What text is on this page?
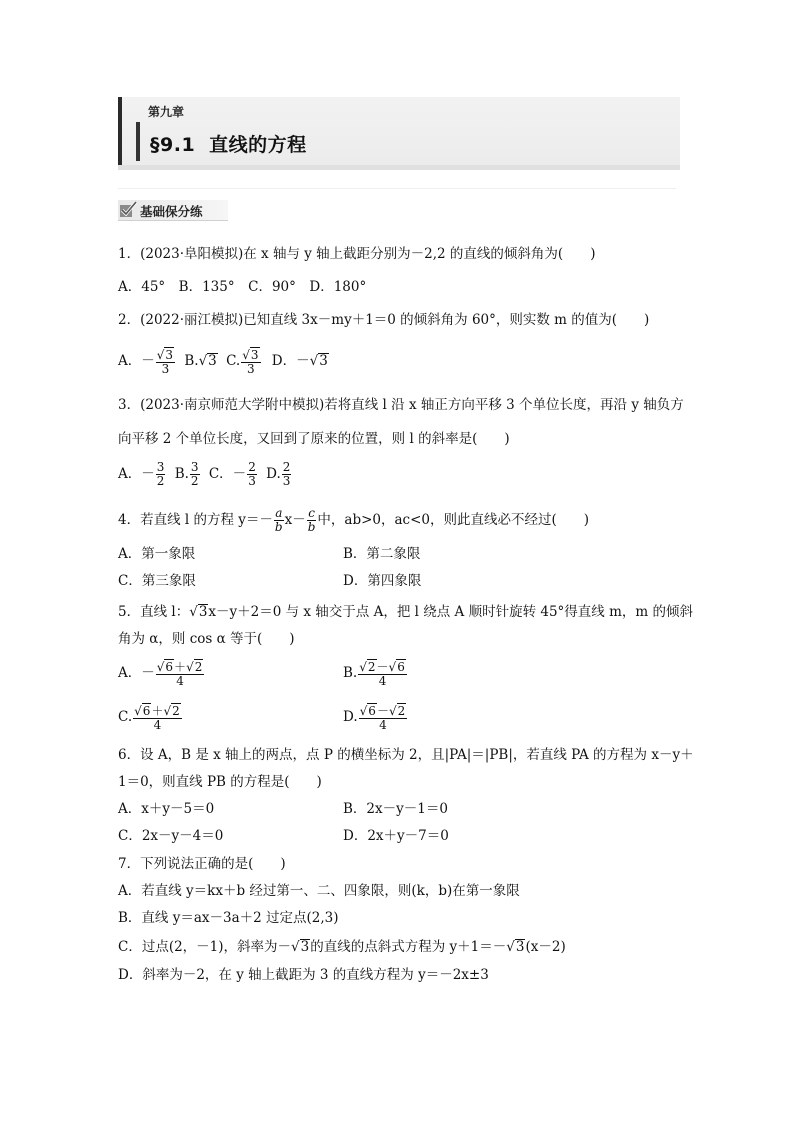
第九章
§9.1 直线的方程
基础保分练
1．(2023·阜阳模拟)在 x 轴与 y 轴上截距分别为－2,2 的直线的倾斜角为(　　)
A．45°　B．135°　C．90°　D．180°
2．(2022·丽江模拟)已知直线 3x－my＋1＝0 的倾斜角为 60°，则实数 m 的值为(　　)
A．－ $\frac{√3}{3} B.√3$ C. $\frac{√3}{3}$ D．－√3
3．(2023·南京师范大学附中模拟)若将直线 l 沿 x 轴正方向平移 3 个单位长度，再沿 y 轴负方
向平移 2 个单位长度，又回到了原来的位置，则 l 的斜率是(　　)
A．－ $\frac{3}{2} B$. $\frac{3}{2}$ C．－ $\frac{2}{3} D$. $\frac{2}{3}$
4．若直线 l 的方程 $y=- \frac{a}{b} x- \frac{c}{b}$ 中，ab>0，ac<0，则此直线必不经过(　　)
A．第一象限	B．第二象限
C．第三象限	D．第四象限
5．直线 l：√3x－y＋2＝0 与 x 轴交于点 A，把 l 绕点 A 顺时针旋转 45°得直线 m，m 的倾斜
角为 α，则 cos α 等于(　　)
A．－ $\frac{√6+√2}{4}$	B. $\frac{√2-√6}{4}$
C. $\frac{√6+√2}{4}$	D. $\frac{√6-√2}{4}$
6．设 A，B 是 x 轴上的两点，点 P 的横坐标为 2，且|PA|＝|PB|，若直线 PA 的方程为 x－y＋
1＝0，则直线 PB 的方程是(　　)
A．x＋y－5＝0	B．2x－y－1＝0
C．2x－y－4＝0	D．2x＋y－7＝0
7．下列说法正确的是(　　)
A．若直线 y＝kx＋b 经过第一、二、四象限，则(k，b)在第一象限
B．直线 y＝ax－3a＋2 过定点(2,3)
C．过点(2，－1)，斜率为－√3的直线的点斜式方程为 y＋1＝－√3(x－2)
D．斜率为－2，在 y 轴上截距为 3 的直线方程为 y＝－2x±3
